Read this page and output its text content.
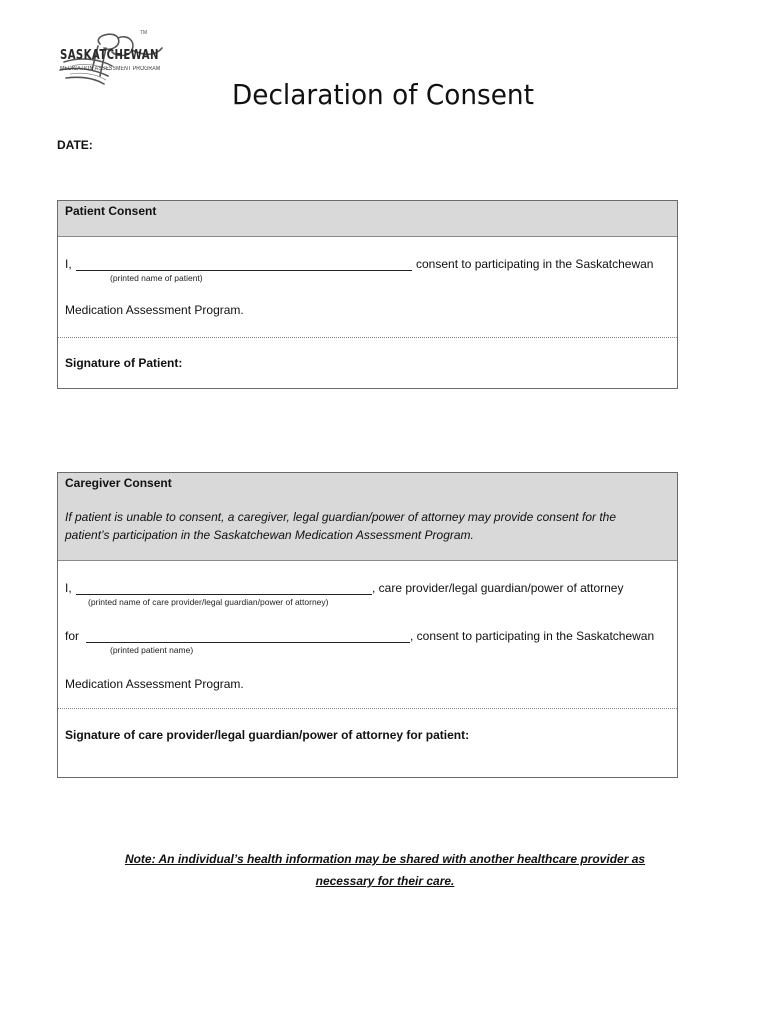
SASKATCHEWAN
MEDICATION ASSESSMENT PROGRAM
TM
Declaration of Consent
DATE:
Patient Consent
I,	consent to participating in the Saskatchewan
(printed name of patient)
Medication Assessment Program.
Signature of Patient:
Caregiver Consent
If patient is unable to consent, a caregiver, legal guardian/power of attorney may provide consent for the
patient’s participation in the Saskatchewan Medication Assessment Program.
I,	, care provider/legal guardian/power of attorney
(printed name of care provider/legal guardian/power of attorney)
for	, consent to participating in the Saskatchewan
(printed patient name)
Medication Assessment Program.
Signature of care provider/legal guardian/power of attorney for patient:
Note: An individual’s health information may be shared with another healthcare provider as
necessary for their care.
